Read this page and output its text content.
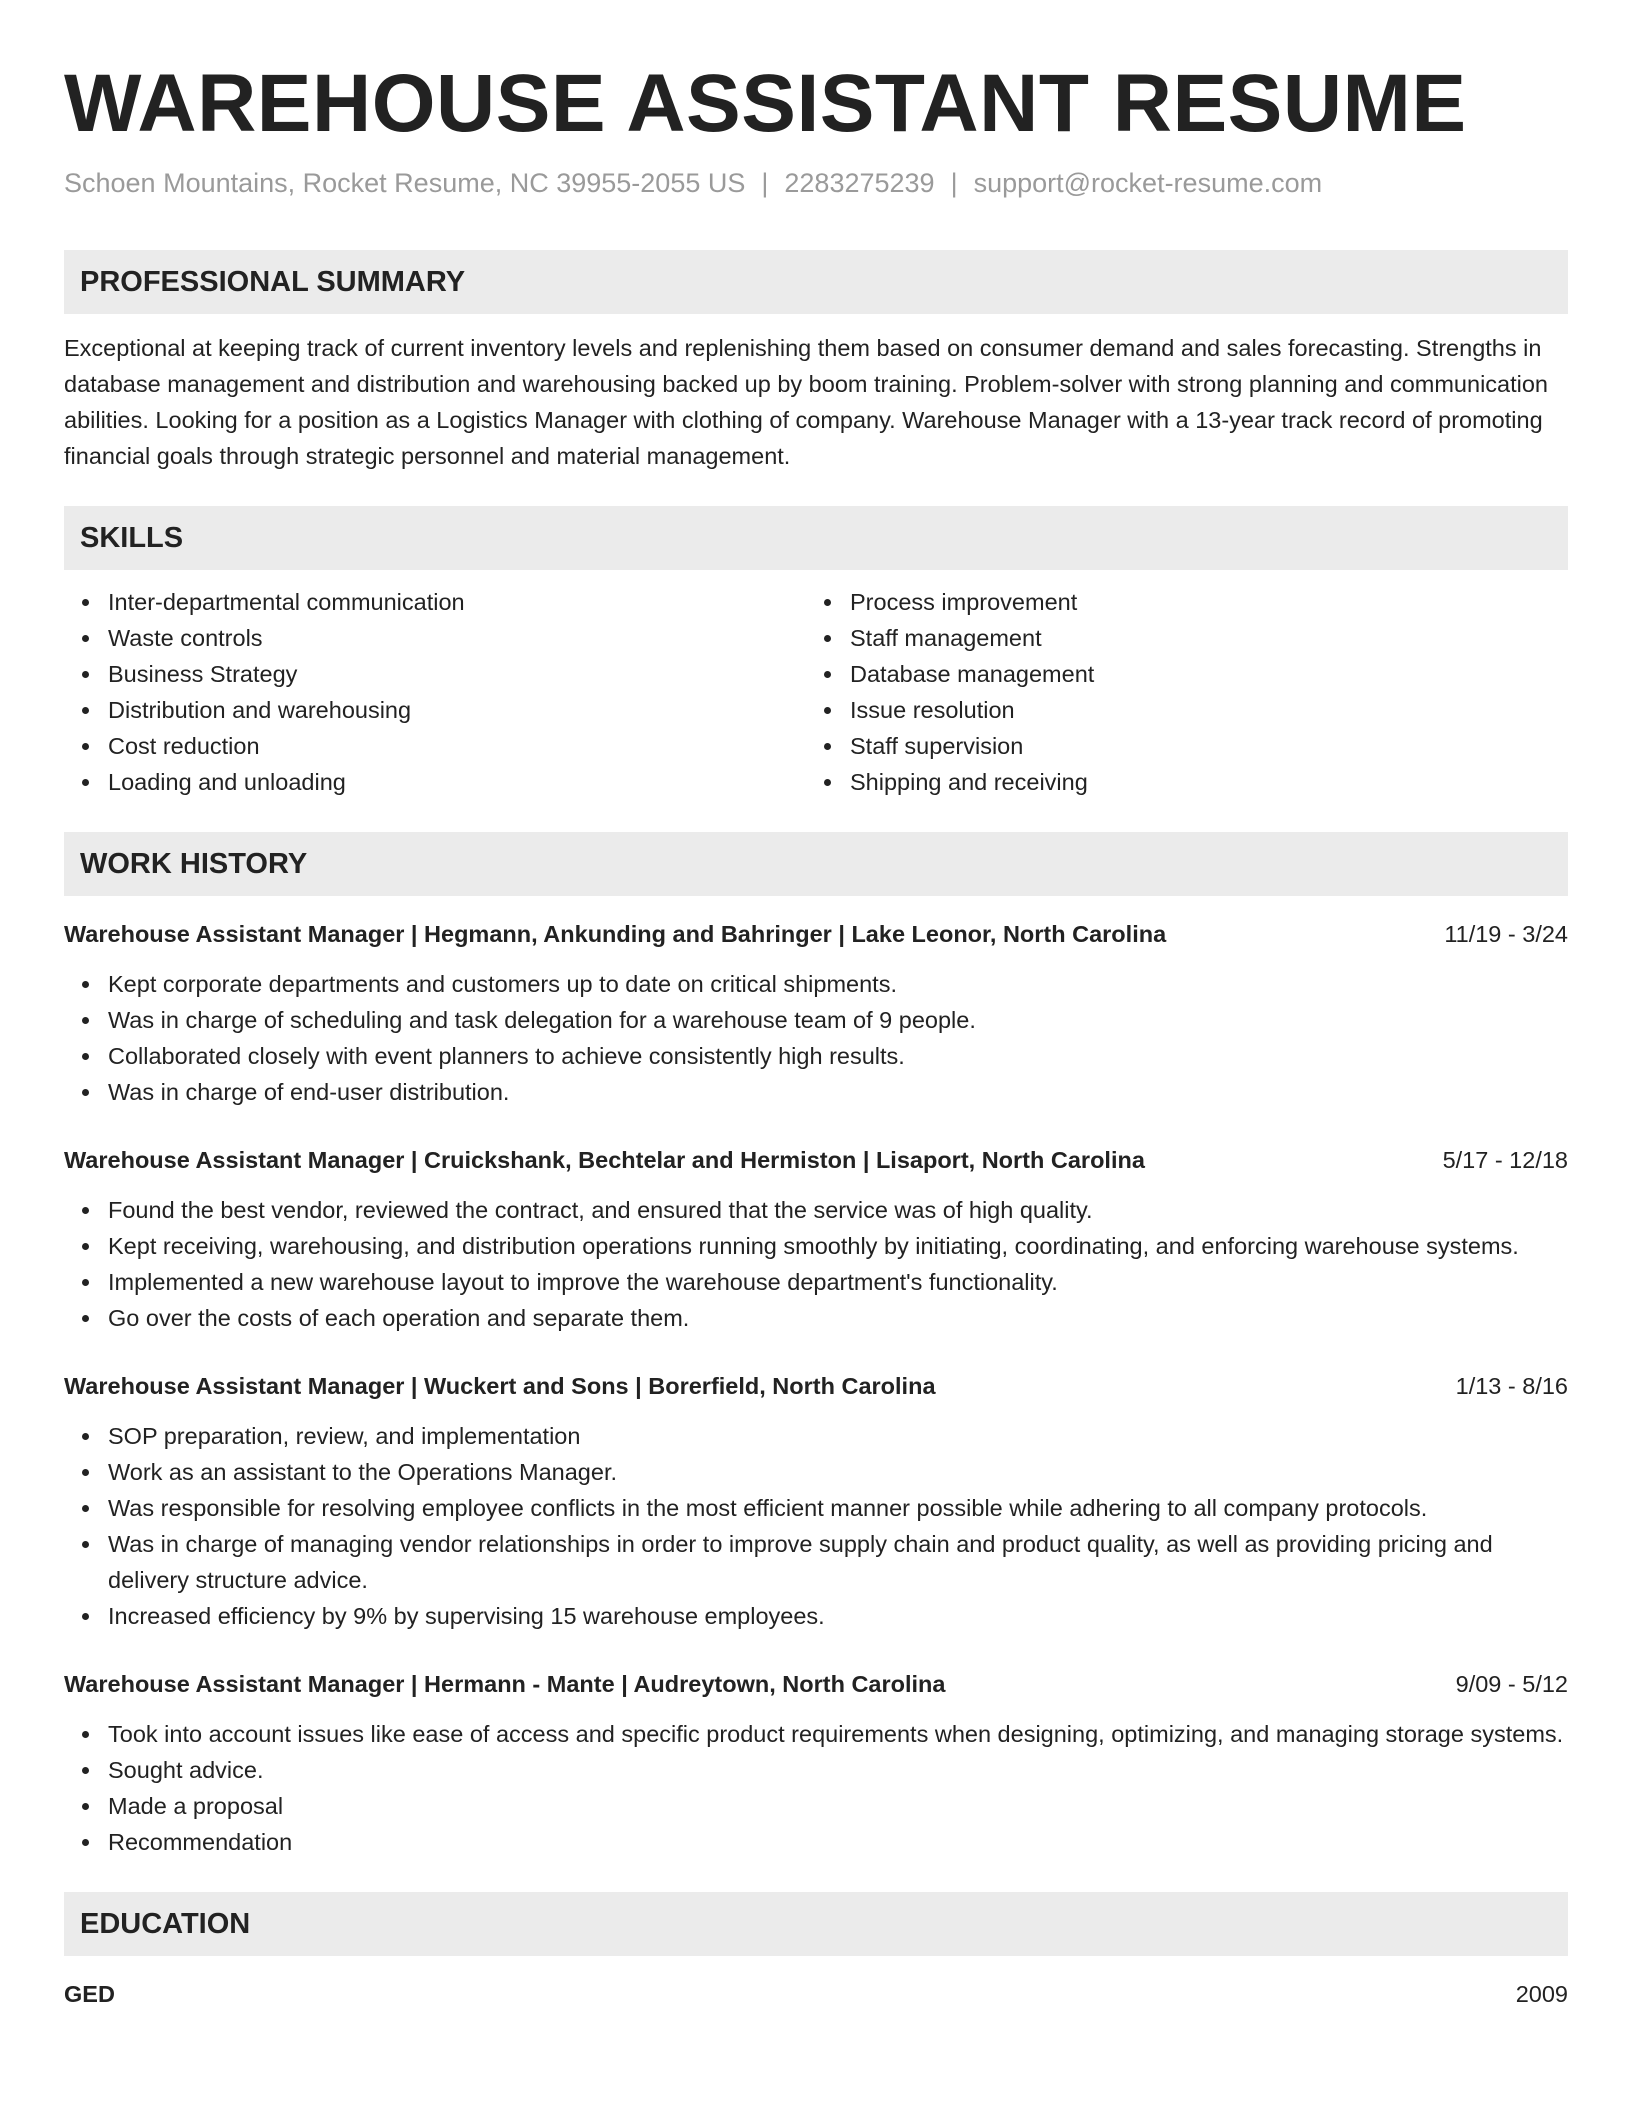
WAREHOUSE ASSISTANT RESUME
Schoen Mountains, Rocket Resume, NC 39955-2055 US | 2283275239 | support@rocket-resume.com
PROFESSIONAL SUMMARY
Exceptional at keeping track of current inventory levels and replenishing them based on consumer demand and sales forecasting. Strengths in database management and distribution and warehousing backed up by boom training. Problem-solver with strong planning and communication abilities. Looking for a position as a Logistics Manager with clothing of company. Warehouse Manager with a 13-year track record of promoting financial goals through strategic personnel and material management.
SKILLS
Inter-departmental communication
Waste controls
Business Strategy
Distribution and warehousing
Cost reduction
Loading and unloading
Process improvement
Staff management
Database management
Issue resolution
Staff supervision
Shipping and receiving
WORK HISTORY
Warehouse Assistant Manager | Hegmann, Ankunding and Bahringer | Lake Leonor, North Carolina	11/19 - 3/24
Kept corporate departments and customers up to date on critical shipments.
Was in charge of scheduling and task delegation for a warehouse team of 9 people.
Collaborated closely with event planners to achieve consistently high results.
Was in charge of end-user distribution.
Warehouse Assistant Manager | Cruickshank, Bechtelar and Hermiston | Lisaport, North Carolina	5/17 - 12/18
Found the best vendor, reviewed the contract, and ensured that the service was of high quality.
Kept receiving, warehousing, and distribution operations running smoothly by initiating, coordinating, and enforcing warehouse systems.
Implemented a new warehouse layout to improve the warehouse department's functionality.
Go over the costs of each operation and separate them.
Warehouse Assistant Manager | Wuckert and Sons | Borerfield, North Carolina	1/13 - 8/16
SOP preparation, review, and implementation
Work as an assistant to the Operations Manager.
Was responsible for resolving employee conflicts in the most efficient manner possible while adhering to all company protocols.
Was in charge of managing vendor relationships in order to improve supply chain and product quality, as well as providing pricing and delivery structure advice.
Increased efficiency by 9% by supervising 15 warehouse employees.
Warehouse Assistant Manager | Hermann - Mante | Audreytown, North Carolina	9/09 - 5/12
Took into account issues like ease of access and specific product requirements when designing, optimizing, and managing storage systems.
Sought advice.
Made a proposal
Recommendation
EDUCATION
GED	2009
